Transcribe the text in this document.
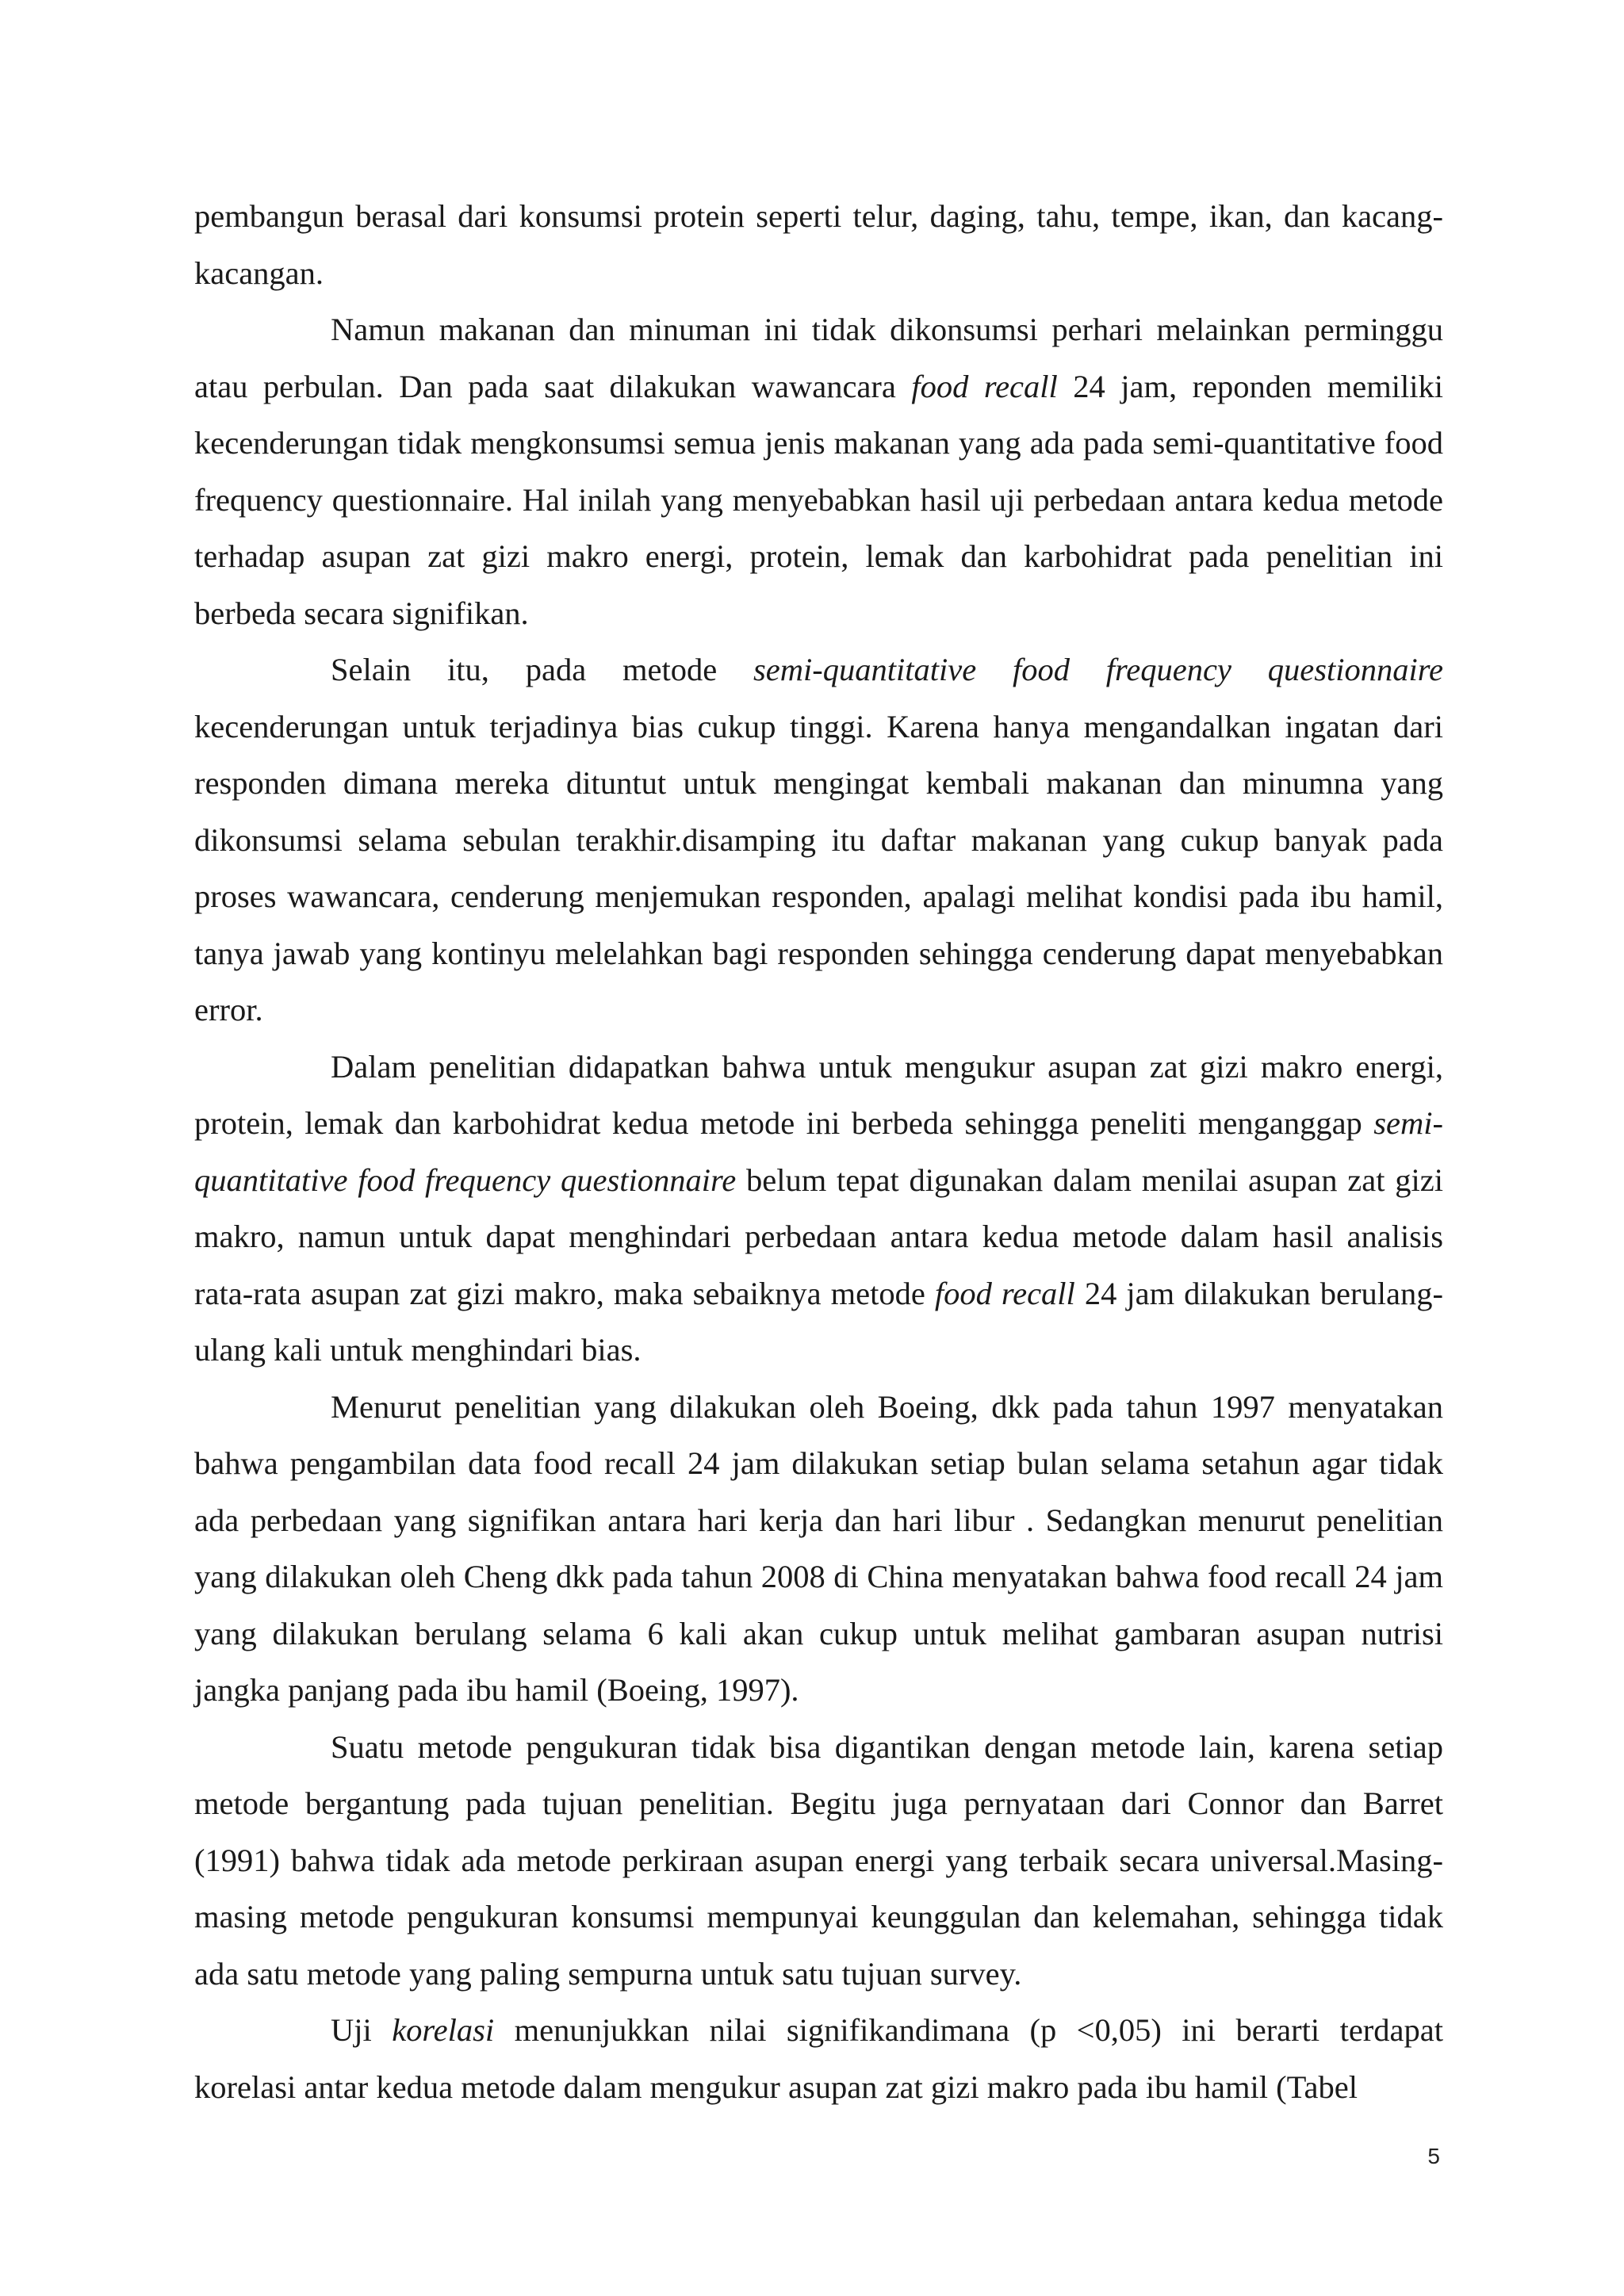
pembangun berasal dari konsumsi protein seperti telur, daging, tahu, tempe, ikan, dan kacang-kacangan.

Namun makanan dan minuman ini tidak dikonsumsi perhari melainkan perminggu atau perbulan. Dan pada saat dilakukan wawancara food recall 24 jam, reponden memiliki kecenderungan tidak mengkonsumsi semua jenis makanan yang ada pada semi-quantitative food frequency questionnaire. Hal inilah yang menyebabkan hasil uji perbedaan antara kedua metode terhadap asupan zat gizi makro energi, protein, lemak dan karbohidrat pada penelitian ini berbeda secara signifikan.

Selain itu, pada metode semi-quantitative food frequency questionnaire kecenderungan untuk terjadinya bias cukup tinggi. Karena hanya mengandalkan ingatan dari responden dimana mereka dituntut untuk mengingat kembali makanan dan minumna yang dikonsumsi selama sebulan terakhir.disamping itu daftar makanan yang cukup banyak pada proses wawancara, cenderung menjemukan responden, apalagi melihat kondisi pada ibu hamil, tanya jawab yang kontinyu melelahkan bagi responden sehingga cenderung dapat menyebabkan error.

Dalam penelitian didapatkan bahwa untuk mengukur asupan zat gizi makro energi, protein, lemak dan karbohidrat kedua metode ini berbeda sehingga peneliti menganggap semi-quantitative food frequency questionnaire belum tepat digunakan dalam menilai asupan zat gizi makro, namun untuk dapat menghindari perbedaan antara kedua metode dalam hasil analisis rata-rata asupan zat gizi makro, maka sebaiknya metode food recall 24 jam dilakukan berulang-ulang kali untuk menghindari bias.

Menurut penelitian yang dilakukan oleh Boeing, dkk pada tahun 1997 menyatakan bahwa pengambilan data food recall 24 jam dilakukan setiap bulan selama setahun agar tidak ada perbedaan yang signifikan antara hari kerja dan hari libur . Sedangkan menurut penelitian yang dilakukan oleh Cheng dkk pada tahun 2008 di China menyatakan bahwa food recall 24 jam yang dilakukan berulang selama 6 kali akan cukup untuk melihat gambaran asupan nutrisi jangka panjang pada ibu hamil (Boeing, 1997).

Suatu metode pengukuran tidak bisa digantikan dengan metode lain, karena setiap metode bergantung pada tujuan penelitian. Begitu juga pernyataan dari Connor dan Barret (1991) bahwa tidak ada metode perkiraan asupan energi yang terbaik secara universal.Masing-masing metode pengukuran konsumsi mempunyai keunggulan dan kelemahan, sehingga tidak ada satu metode yang paling sempurna untuk satu tujuan survey.

Uji korelasi menunjukkan nilai signifikandimana (p <0,05) ini berarti terdapat korelasi antar kedua metode dalam mengukur asupan zat gizi makro pada ibu hamil (Tabel

5
